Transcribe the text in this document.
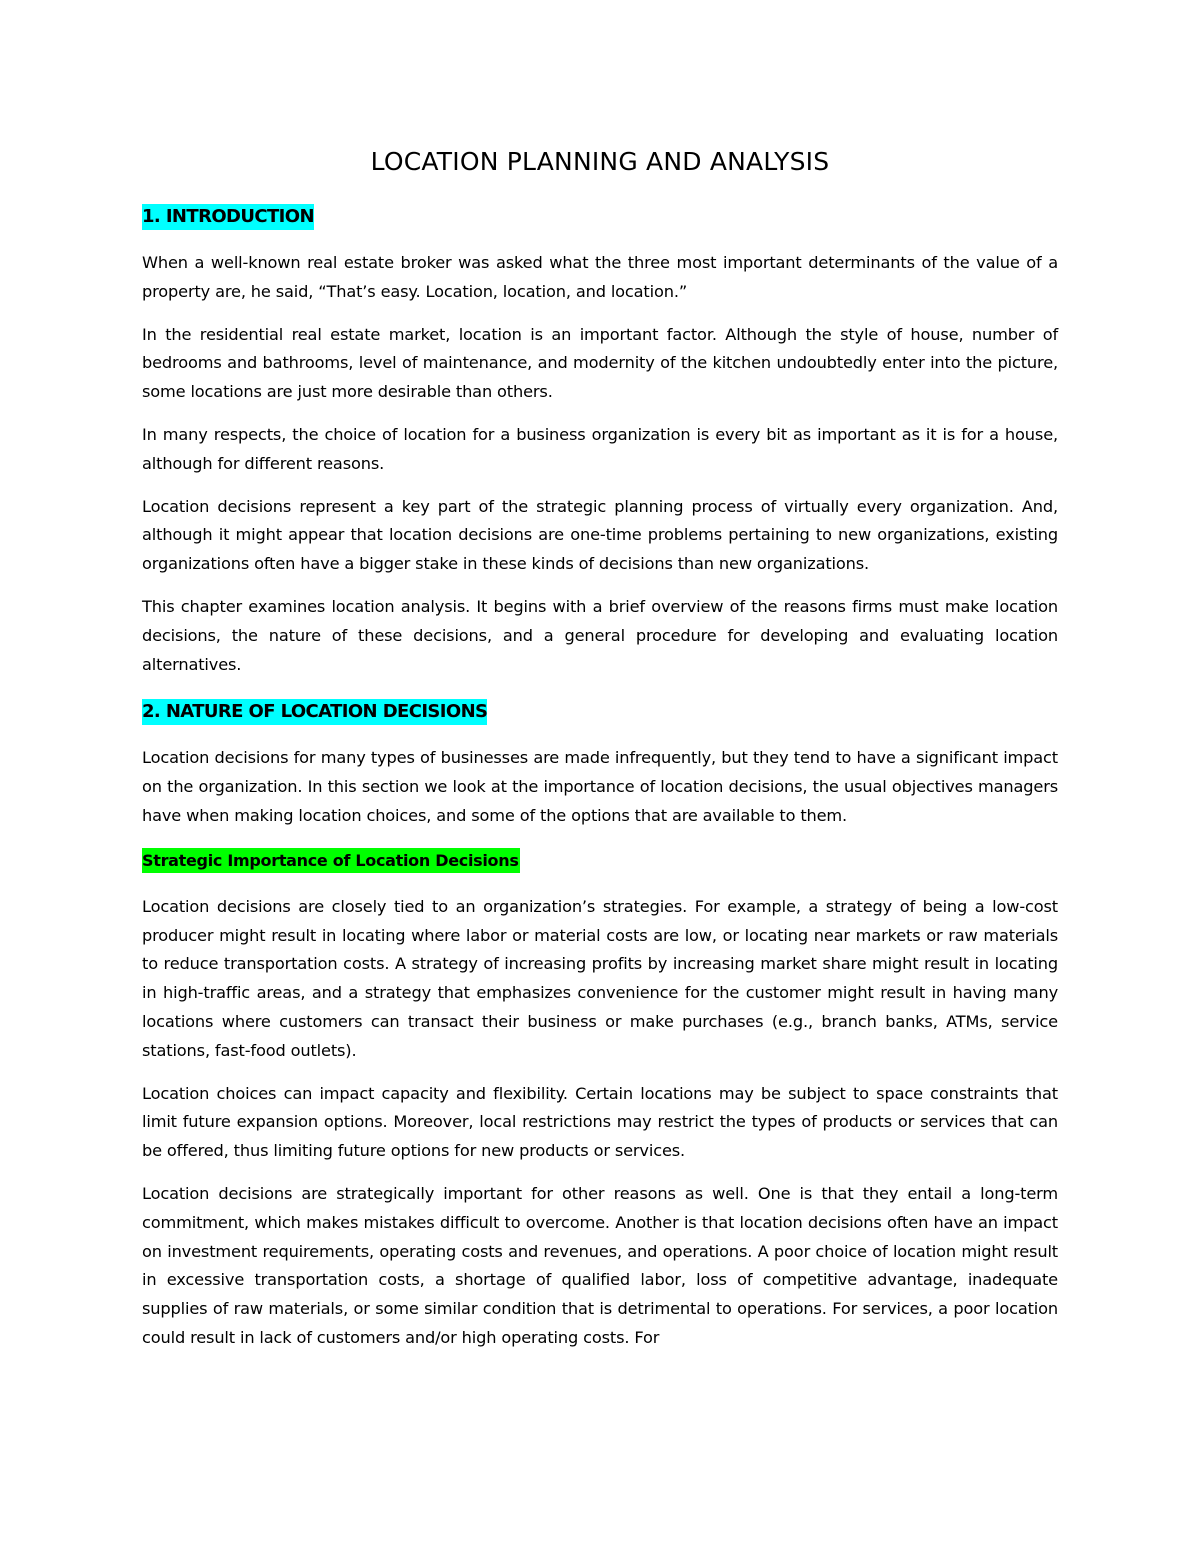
LOCATION PLANNING AND ANALYSIS
1. INTRODUCTION

When a well-known real estate broker was asked what the three most important determinants of the value of a property are, he said, “That’s easy. Location, location, and location.”

In the residential real estate market, location is an important factor. Although the style of house, number of bedrooms and bathrooms, level of maintenance, and modernity of the kitchen undoubtedly enter into the picture, some locations are just more desirable than others.

In many respects, the choice of location for a business organization is every bit as important as it is for a house, although for different reasons.

Location decisions represent a key part of the strategic planning process of virtually every organization. And, although it might appear that location decisions are one-time problems pertaining to new organizations, existing organizations often have a bigger stake in these kinds of decisions than new organizations.

This chapter examines location analysis. It begins with a brief overview of the reasons firms must make location decisions, the nature of these decisions, and a general procedure for developing and evaluating location alternatives.

2. NATURE OF LOCATION DECISIONS

Location decisions for many types of businesses are made infrequently, but they tend to have a significant impact on the organization. In this section we look at the importance of location decisions, the usual objectives managers have when making location choices, and some of the options that are available to them.

Strategic Importance of Location Decisions

Location decisions are closely tied to an organization’s strategies. For example, a strategy of being a low-cost producer might result in locating where labor or material costs are low, or locating near markets or raw materials to reduce transportation costs. A strategy of increasing profits by increasing market share might result in locating in high-traffic areas, and a strategy that emphasizes convenience for the customer might result in having many locations where customers can transact their business or make purchases (e.g., branch banks, ATMs, service stations, fast-food outlets).

Location choices can impact capacity and flexibility. Certain locations may be subject to space constraints that limit future expansion options. Moreover, local restrictions may restrict the types of products or services that can be offered, thus limiting future options for new products or services.

Location decisions are strategically important for other reasons as well. One is that they entail a long-term commitment, which makes mistakes difficult to overcome. Another is that location decisions often have an impact on investment requirements, operating costs and revenues, and operations. A poor choice of location might result in excessive transportation costs, a shortage of qualified labor, loss of competitive advantage, inadequate supplies of raw materials, or some similar condition that is detrimental to operations. For services, a poor location could result in lack of customers and/or high operating costs. For
